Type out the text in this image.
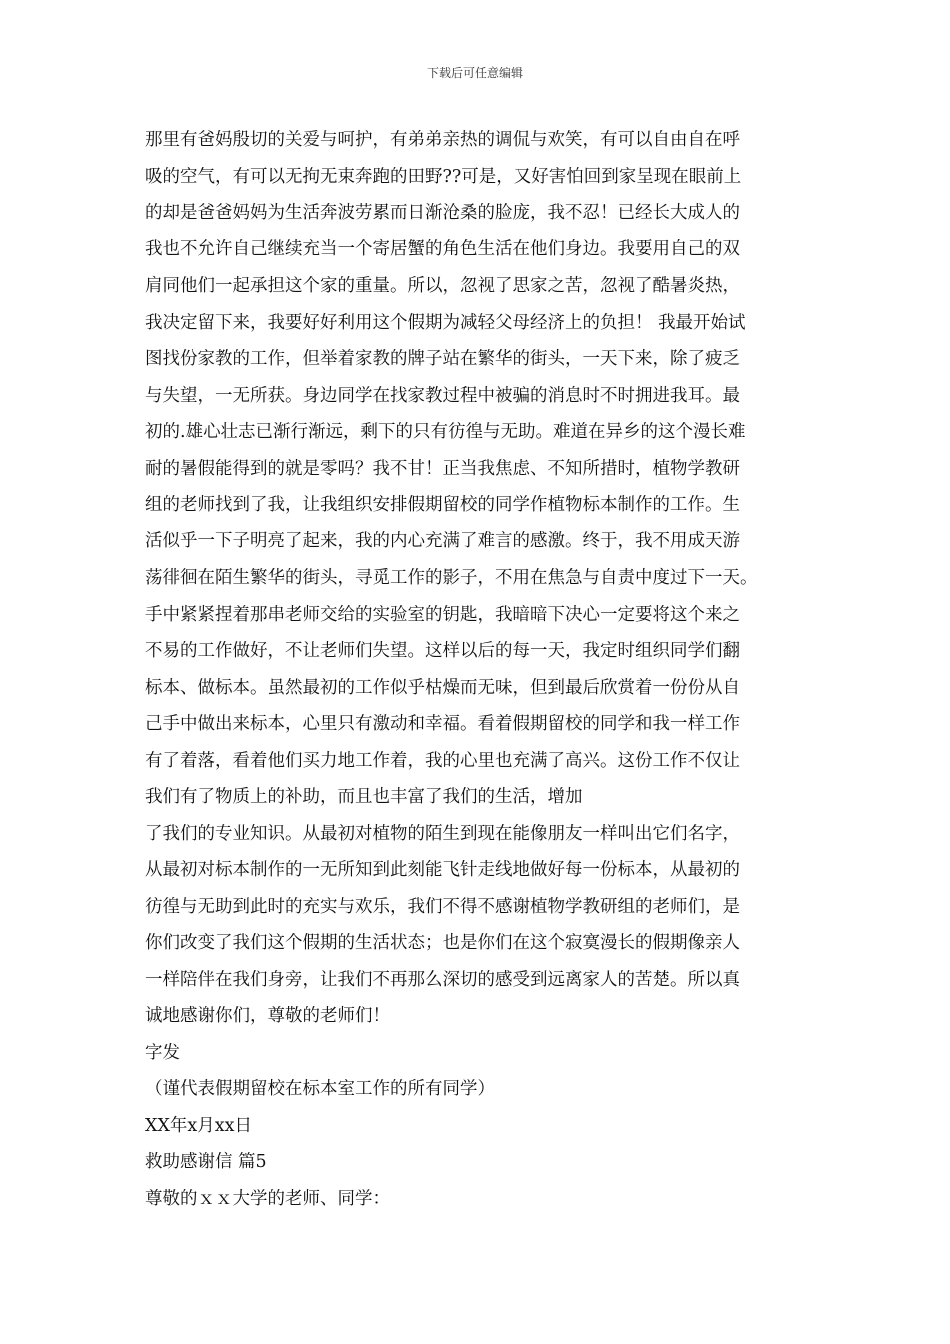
下载后可任意编辑
那里有爸妈殷切的关爱与呵护，有弟弟亲热的调侃与欢笑，有可以自由自在呼
吸的空气，有可以无拘无束奔跑的田野??可是，又好害怕回到家呈现在眼前上
的却是爸爸妈妈为生活奔波劳累而日渐沧桑的脸庞，我不忍！已经长大成人的
我也不允许自己继续充当一个寄居蟹的角色生活在他们身边。我要用自己的双
肩同他们一起承担这个家的重量。所以，忽视了思家之苦，忽视了酷暑炎热，
我决定留下来，我要好好利用这个假期为减轻父母经济上的负担！ 我最开始试
图找份家教的工作，但举着家教的牌子站在繁华的街头，一天下来，除了疲乏
与失望，一无所获。身边同学在找家教过程中被骗的消息时不时拥进我耳。最
初的.雄心壮志已渐行渐远，剩下的只有彷徨与无助。难道在异乡的这个漫长难
耐的暑假能得到的就是零吗？我不甘！正当我焦虑、不知所措时，植物学教研
组的老师找到了我，让我组织安排假期留校的同学作植物标本制作的工作。生
活似乎一下子明亮了起来，我的内心充满了难言的感激。终于，我不用成天游
荡徘徊在陌生繁华的街头，寻觅工作的影子，不用在焦急与自责中度过下一天。
手中紧紧捏着那串老师交给的实验室的钥匙，我暗暗下决心一定要将这个来之
不易的工作做好，不让老师们失望。这样以后的每一天，我定时组织同学们翻
标本、做标本。虽然最初的工作似乎枯燥而无味，但到最后欣赏着一份份从自
己手中做出来标本，心里只有激动和幸福。看着假期留校的同学和我一样工作
有了着落，看着他们买力地工作着，我的心里也充满了高兴。这份工作不仅让
我们有了物质上的补助，而且也丰富了我们的生活，增加
了我们的专业知识。从最初对植物的陌生到现在能像朋友一样叫出它们名字，
从最初对标本制作的一无所知到此刻能飞针走线地做好每一份标本，从最初的
彷徨与无助到此时的充实与欢乐，我们不得不感谢植物学教研组的老师们，是
你们改变了我们这个假期的生活状态；也是你们在这个寂寞漫长的假期像亲人
一样陪伴在我们身旁，让我们不再那么深切的感受到远离家人的苦楚。所以真
诚地感谢你们，尊敬的老师们！
字发
（谨代表假期留校在标本室工作的所有同学）
XX年x月xx日
救助感谢信 篇5
尊敬的ｘｘ大学的老师、同学：
